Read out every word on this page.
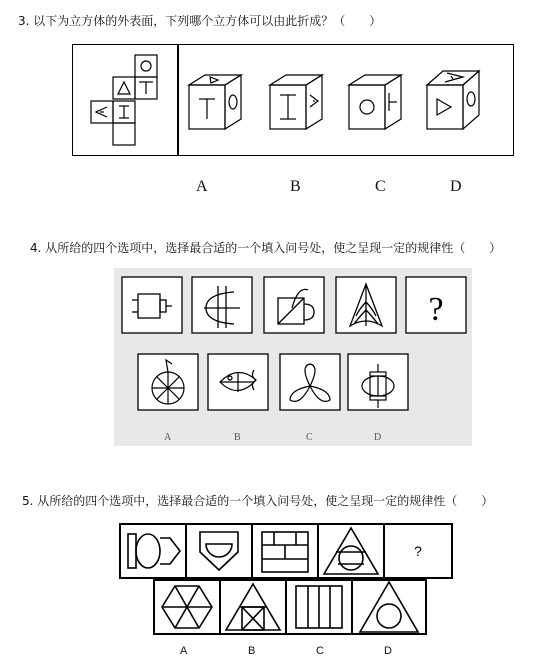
3. 以下为立方体的外表面，下列哪个立方体可以由此折成？（　　）
A	B	C	D
4. 从所给的四个选项中，选择最合适的一个填入问号处，使之呈现一定的规律性（　　）
?
A	B	C	D
5. 从所给的四个选项中，选择最合适的一个填入问号处，使之呈现一定的规律性（　　）
?
A	B	C	D
